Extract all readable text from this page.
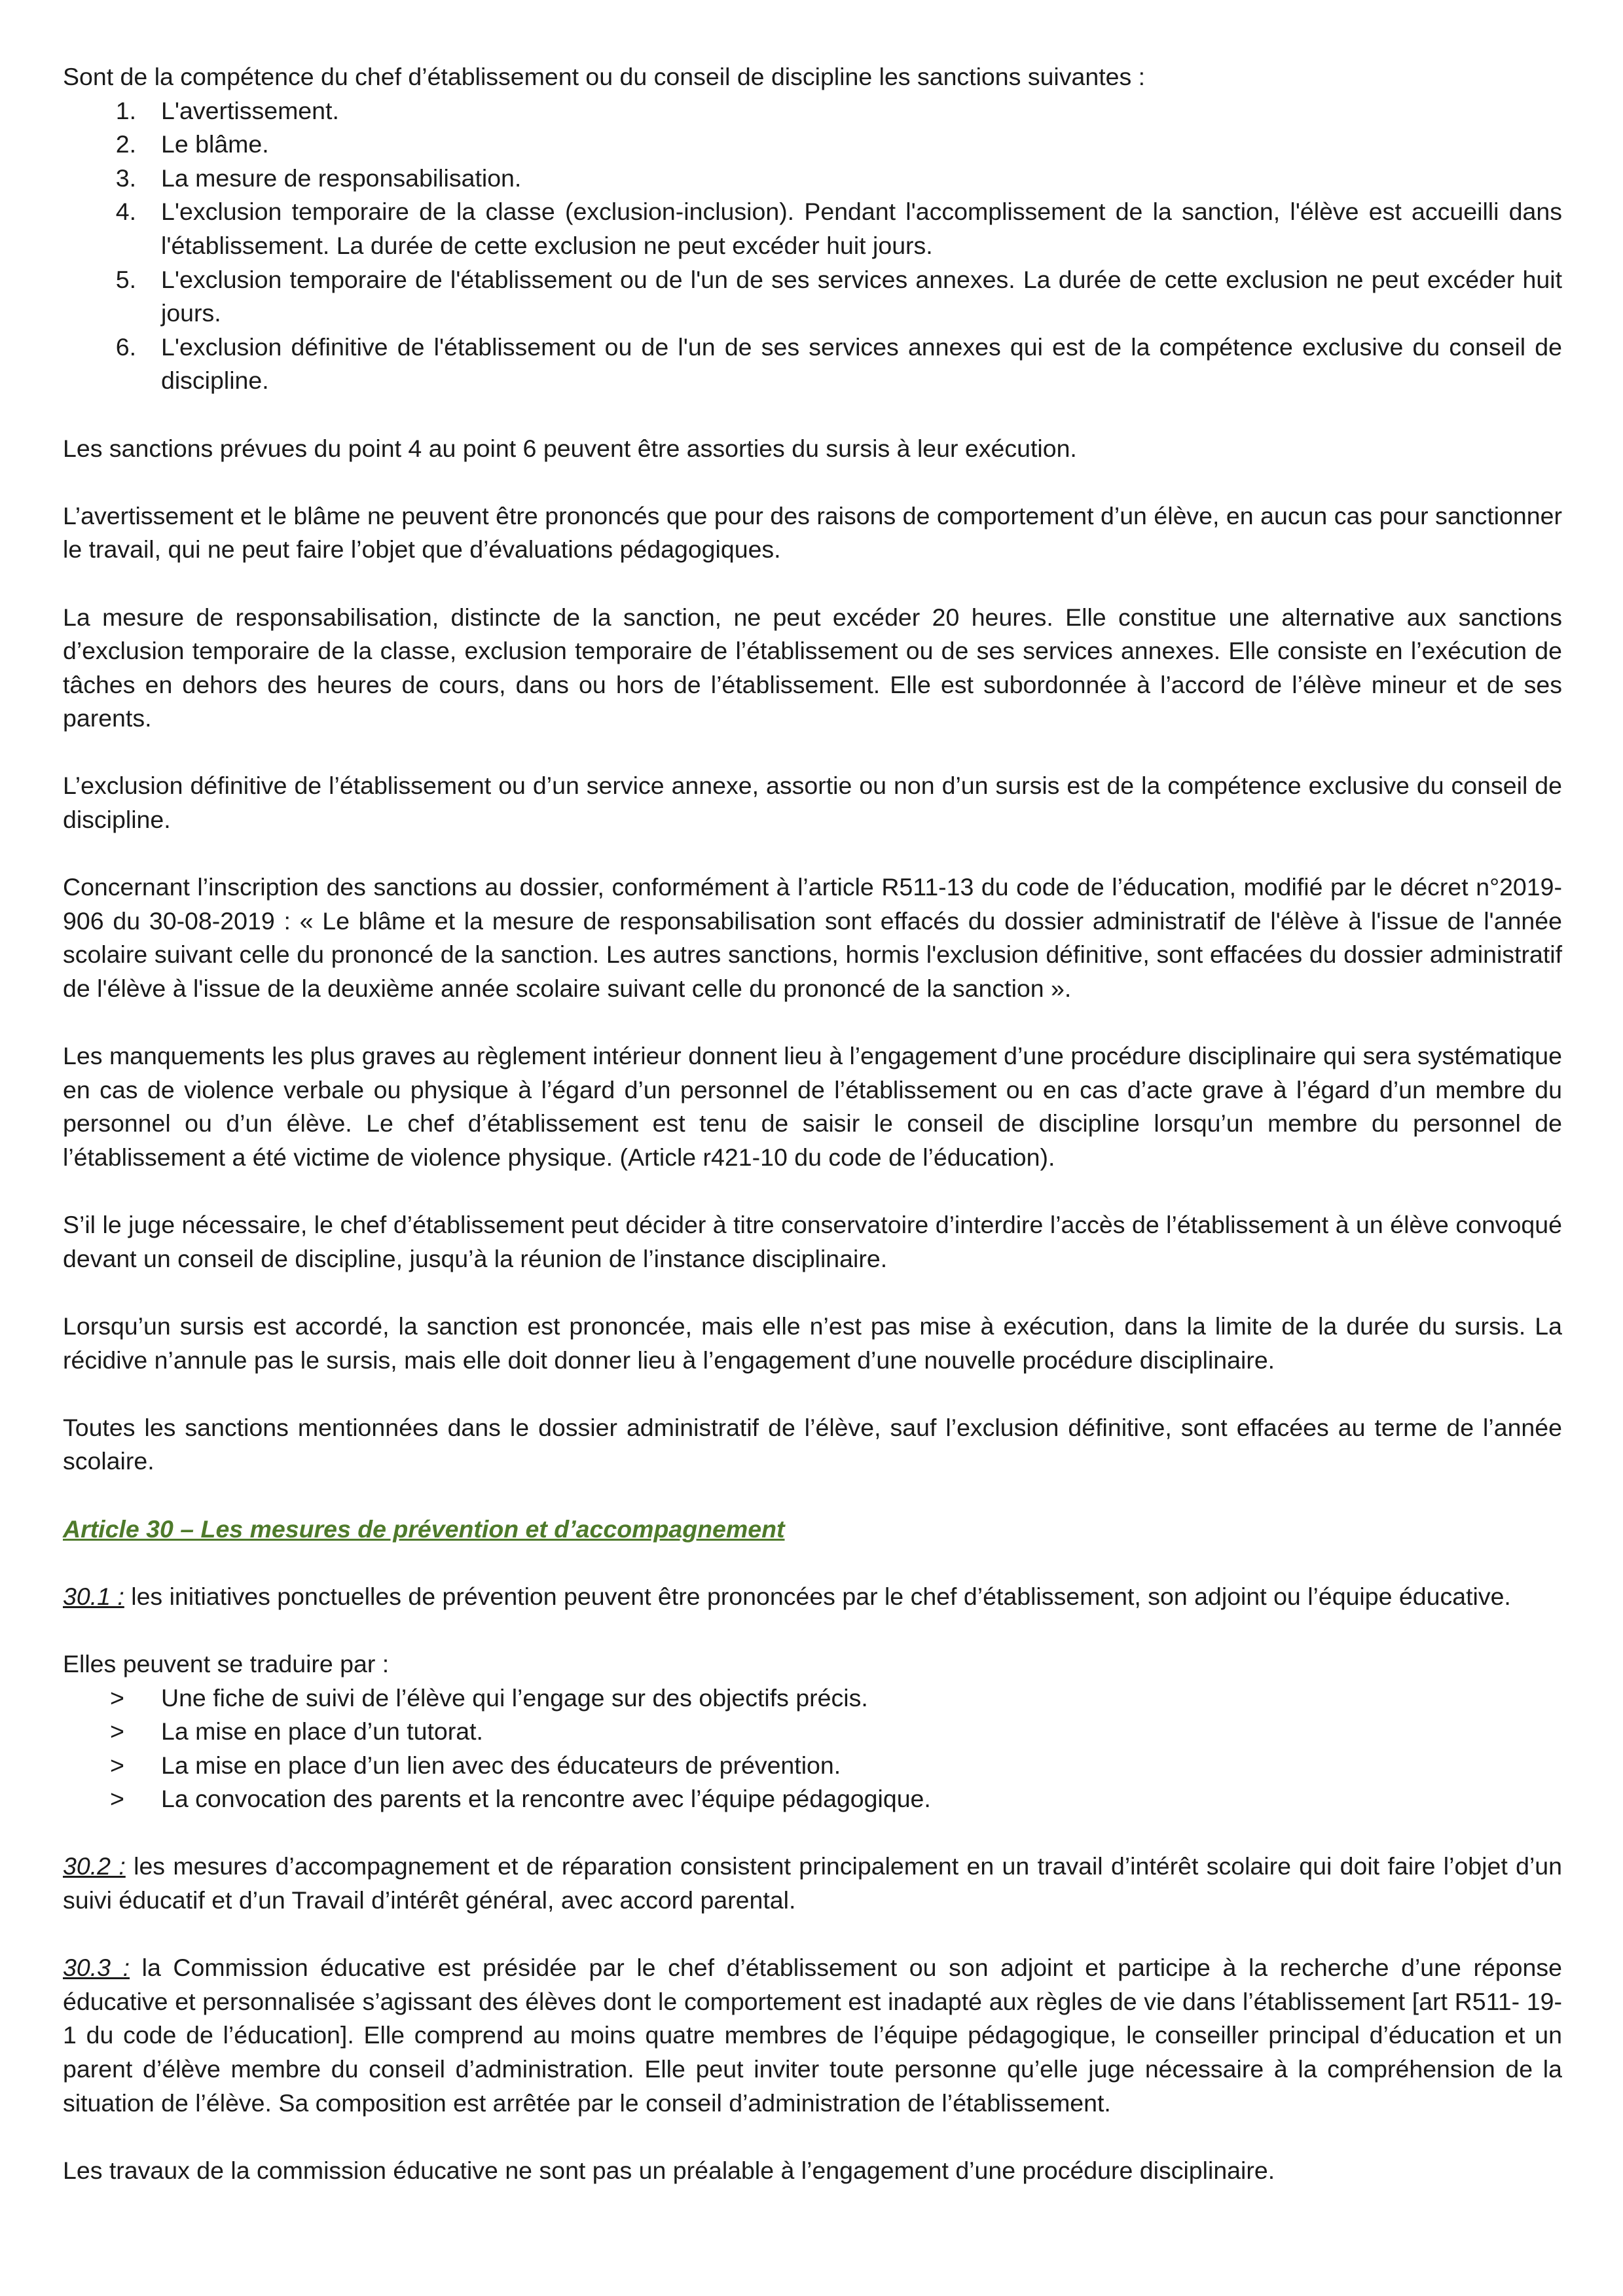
Sont de la compétence du chef d’établissement ou du conseil de discipline les sanctions suivantes :

1. L'avertissement.
2. Le blâme.
3. La mesure de responsabilisation.
4. L'exclusion temporaire de la classe (exclusion-inclusion). Pendant l'accomplissement de la sanction, l'élève est accueilli dans l'établissement. La durée de cette exclusion ne peut excéder huit jours.
5. L'exclusion temporaire de l'établissement ou de l'un de ses services annexes. La durée de cette exclusion ne peut excéder huit jours.
6. L'exclusion définitive de l'établissement ou de l'un de ses services annexes qui est de la compétence exclusive du conseil de discipline.

Les sanctions prévues du point 4 au point 6 peuvent être assorties du sursis à leur exécution.

L’avertissement et le blâme ne peuvent être prononcés que pour des raisons de comportement d’un élève, en aucun cas pour sanctionner le travail, qui ne peut faire l’objet que d’évaluations pédagogiques.

La mesure de responsabilisation, distincte de la sanction, ne peut excéder 20 heures. Elle constitue une alternative aux sanctions d’exclusion temporaire de la classe, exclusion temporaire de l’établissement ou de ses services annexes. Elle consiste en l’exécution de tâches en dehors des heures de cours, dans ou hors de l’établissement. Elle est subordonnée à l’accord de l’élève mineur et de ses parents.

L’exclusion définitive de l’établissement ou d’un service annexe, assortie ou non d’un sursis est de la compétence exclusive du conseil de discipline.

Concernant l’inscription des sanctions au dossier, conformément à l’article R511-13 du code de l’éducation, modifié par le décret n°2019-906 du 30-08-2019 : « Le blâme et la mesure de responsabilisation sont effacés du dossier administratif de l'élève à l'issue de l'année scolaire suivant celle du prononcé de la sanction. Les autres sanctions, hormis l'exclusion définitive, sont effacées du dossier administratif de l'élève à l'issue de la deuxième année scolaire suivant celle du prononcé de la sanction ».

Les manquements les plus graves au règlement intérieur donnent lieu à l’engagement d’une procédure disciplinaire qui sera systématique en cas de violence verbale ou physique à l’égard d’un personnel de l’établissement ou en cas d’acte grave à l’égard d’un membre du personnel ou d’un élève. Le chef d’établissement est tenu de saisir le conseil de discipline lorsqu’un membre du personnel de l’établissement a été victime de violence physique. (Article r421-10 du code de l’éducation).

S’il le juge nécessaire, le chef d’établissement peut décider à titre conservatoire d’interdire l’accès de l’établissement à un élève convoqué devant un conseil de discipline, jusqu’à la réunion de l’instance disciplinaire.

Lorsqu’un sursis est accordé, la sanction est prononcée, mais elle n’est pas mise à exécution, dans la limite de la durée du sursis. La récidive n’annule pas le sursis, mais elle doit donner lieu à l’engagement d’une nouvelle procédure disciplinaire.

Toutes les sanctions mentionnées dans le dossier administratif de l’élève, sauf l’exclusion définitive, sont effacées au terme de l’année scolaire.

Article 30 – Les mesures de prévention et d’accompagnement

30.1 : les initiatives ponctuelles de prévention peuvent être prononcées par le chef d’établissement, son adjoint ou l’équipe éducative.

Elles peuvent se traduire par :

> Une fiche de suivi de l’élève qui l’engage sur des objectifs précis.
> La mise en place d’un tutorat.
> La mise en place d’un lien avec des éducateurs de prévention.
> La convocation des parents et la rencontre avec l’équipe pédagogique.

30.2 : les mesures d’accompagnement et de réparation consistent principalement en un travail d’intérêt scolaire qui doit faire l’objet d’un suivi éducatif et d’un Travail d’intérêt général, avec accord parental.

30.3 : la Commission éducative est présidée par le chef d’établissement ou son adjoint et participe à la recherche d’une réponse éducative et personnalisée s’agissant des élèves dont le comportement est inadapté aux règles de vie dans l’établissement [art R511- 19-1 du code de l’éducation]. Elle comprend au moins quatre membres de l’équipe pédagogique, le conseiller principal d’éducation et un parent d’élève membre du conseil d’administration. Elle peut inviter toute personne qu’elle juge nécessaire à la compréhension de la situation de l’élève. Sa composition est arrêtée par le conseil d’administration de l’établissement.

Les travaux de la commission éducative ne sont pas un préalable à l’engagement d’une procédure disciplinaire.
